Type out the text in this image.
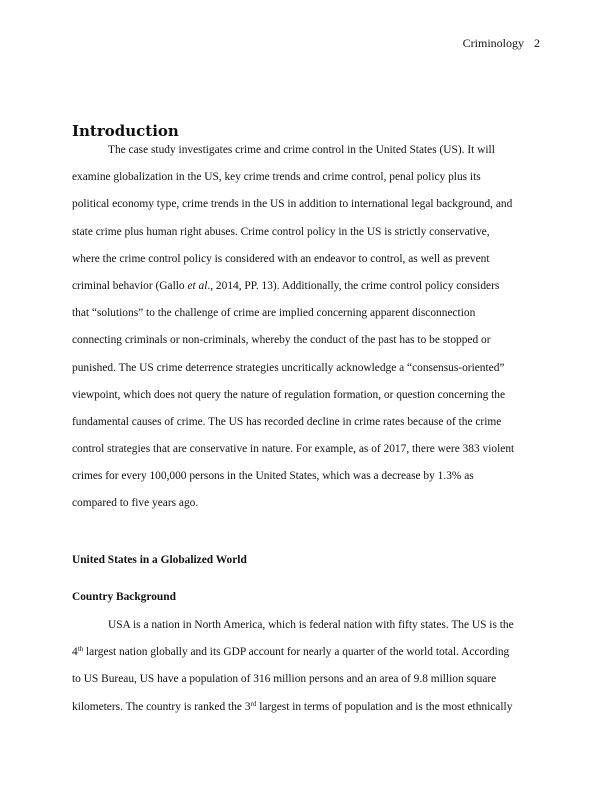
Criminology 2
Introduction
The case study investigates crime and crime control in the United States (US). It will
examine globalization in the US, key crime trends and crime control, penal policy plus its
political economy type, crime trends in the US in addition to international legal background, and
state crime plus human right abuses. Crime control policy in the US is strictly conservative,
where the crime control policy is considered with an endeavor to control, as well as prevent
criminal behavior (Gallo et al., 2014, PP. 13). Additionally, the crime control policy considers
that “solutions” to the challenge of crime are implied concerning apparent disconnection
connecting criminals or non-criminals, whereby the conduct of the past has to be stopped or
punished. The US crime deterrence strategies uncritically acknowledge a “consensus-oriented”
viewpoint, which does not query the nature of regulation formation, or question concerning the
fundamental causes of crime. The US has recorded decline in crime rates because of the crime
control strategies that are conservative in nature. For example, as of 2017, there were 383 violent
crimes for every 100,000 persons in the United States, which was a decrease by 1.3% as
compared to five years ago.
United States in a Globalized World
Country Background
USA is a nation in North America, which is federal nation with fifty states. The US is the
4th largest nation globally and its GDP account for nearly a quarter of the world total. According
to US Bureau, US have a population of 316 million persons and an area of 9.8 million square
kilometers. The country is ranked the 3rd largest in terms of population and is the most ethnically
